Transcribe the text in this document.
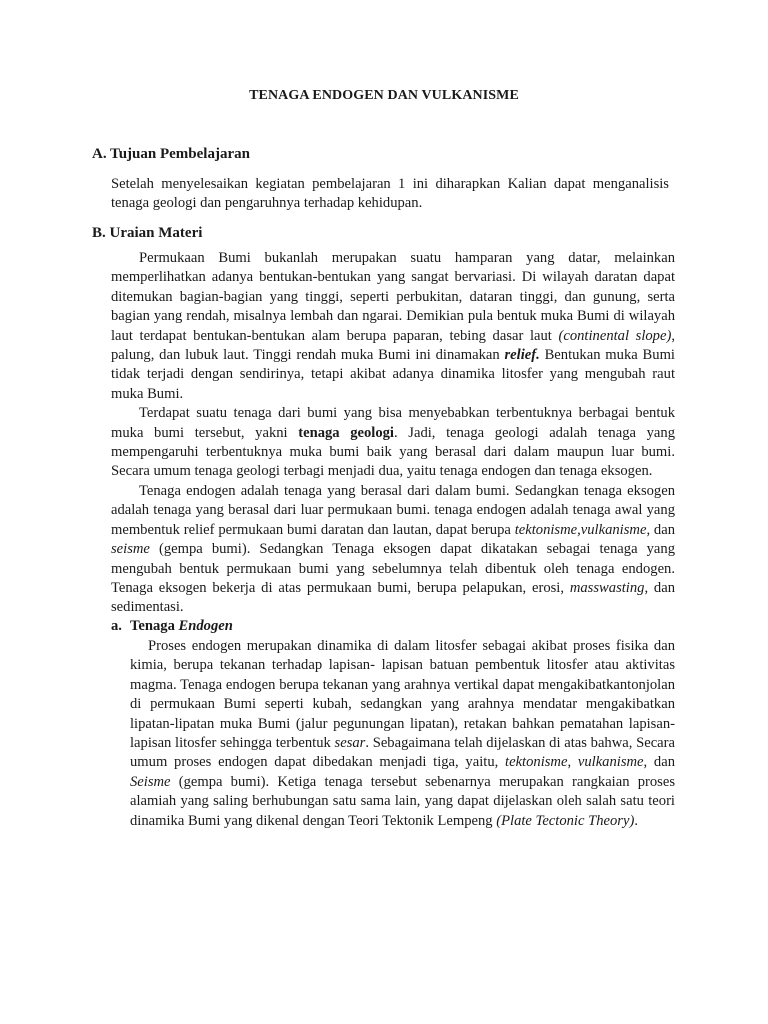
TENAGA ENDOGEN DAN VULKANISME
A. Tujuan Pembelajaran

Setelah menyelesaikan kegiatan pembelajaran 1 ini diharapkan Kalian dapat menganalisis tenaga geologi dan pengaruhnya terhadap kehidupan.

B. Uraian Materi

Permukaan Bumi bukanlah merupakan suatu hamparan yang datar, melainkan memperlihatkan adanya bentukan-bentukan yang sangat bervariasi. Di wilayah daratan dapat ditemukan bagian-bagian yang tinggi, seperti perbukitan, dataran tinggi, dan gunung, serta bagian yang rendah, misalnya lembah dan ngarai. Demikian pula bentuk muka Bumi di wilayah laut terdapat bentukan-bentukan alam berupa paparan, tebing dasar laut (continental slope), palung, dan lubuk laut. Tinggi rendah muka Bumi ini dinamakan relief. Bentukan muka Bumi tidak terjadi dengan sendirinya, tetapi akibat adanya dinamika litosfer yang mengubah raut muka Bumi.

Terdapat suatu tenaga dari bumi yang bisa menyebabkan terbentuknya berbagai bentuk muka bumi tersebut, yakni tenaga geologi. Jadi, tenaga geologi adalah tenaga yang mempengaruhi terbentuknya muka bumi baik yang berasal dari dalam maupun luar bumi. Secara umum tenaga geologi terbagi menjadi dua, yaitu tenaga endogen dan tenaga eksogen.

Tenaga endogen adalah tenaga yang berasal dari dalam bumi. Sedangkan tenaga eksogen adalah tenaga yang berasal dari luar permukaan bumi. tenaga endogen adalah tenaga awal yang membentuk relief permukaan bumi daratan dan lautan, dapat berupa tektonisme,vulkanisme, dan seisme (gempa bumi). Sedangkan Tenaga eksogen dapat dikatakan sebagai tenaga yang mengubah bentuk permukaan bumi yang sebelumnya telah dibentuk oleh tenaga endogen. Tenaga eksogen bekerja di atas permukaan bumi, berupa pelapukan, erosi, masswasting, dan sedimentasi.

a. Tenaga Endogen

Proses endogen merupakan dinamika di dalam litosfer sebagai akibat proses fisika dan kimia, berupa tekanan terhadap lapisan- lapisan batuan pembentuk litosfer atau aktivitas magma. Tenaga endogen berupa tekanan yang arahnya vertikal dapat mengakibatkantonjolan di permukaan Bumi seperti kubah, sedangkan yang arahnya mendatar mengakibatkan lipatan-lipatan muka Bumi (jalur pegunungan lipatan), retakan bahkan pematahan lapisan-lapisan litosfer sehingga terbentuk sesar. Sebagaimana telah dijelaskan di atas bahwa, Secara umum proses endogen dapat dibedakan menjadi tiga, yaitu, tektonisme, vulkanisme, dan Seisme (gempa bumi). Ketiga tenaga tersebut sebenarnya merupakan rangkaian proses alamiah yang saling berhubungan satu sama lain, yang dapat dijelaskan oleh salah satu teori dinamika Bumi yang dikenal dengan Teori Tektonik Lempeng (Plate Tectonic Theory).
